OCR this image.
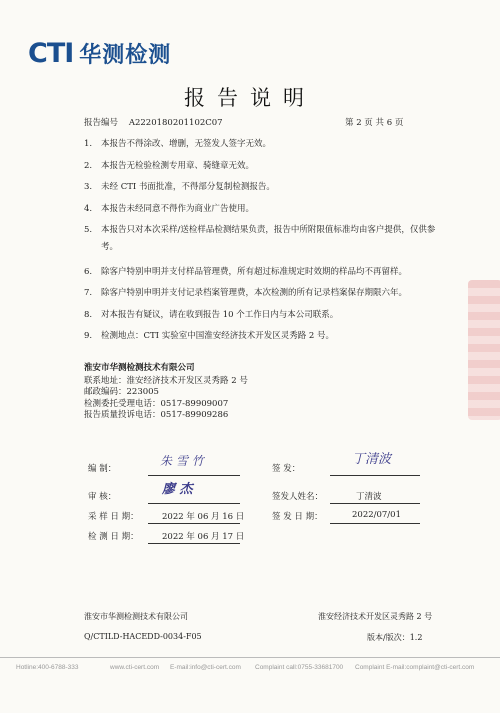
CTI 华测检测
报告说明
报告编号 A2220180201102C07	第 2 页 共 6 页
1. 本报告不得涂改、增删，无签发人签字无效。
2. 本报告无检验检测专用章、骑缝章无效。
3. 未经 CTI 书面批准，不得部分复制检测报告。
4. 本报告未经同意不得作为商业广告使用。
5. 本报告只对本次采样/送检样品检测结果负责，报告中所附限值标准均由客户提供，仅供参考。
6. 除客户特别申明并支付样品管理费，所有超过标准规定时效期的样品均不再留样。
7. 除客户特别申明并支付记录档案管理费，本次检测的所有记录档案保存期限六年。
8. 对本报告有疑议，请在收到报告 10 个工作日内与本公司联系。
9. 检测地点：CTI 实验室中国淮安经济技术开发区灵秀路 2 号。
淮安市华测检测技术有限公司
联系地址：淮安经济技术开发区灵秀路 2 号
邮政编码：223005
检测委托受理电话：0517-89909007
报告质量投诉电话：0517-89909286
编 制：
朱 雪 竹
审 核：	廖 杰
采 样 日 期：	2022 年 06 月 16 日
检 测 日 期：	2022 年 06 月 17 日
签 发：
丁清波
签发人姓名：	丁清波
签 发 日 期：	2022/07/01
淮安市华测检测技术有限公司	淮安经济技术开发区灵秀路 2 号
Q/CTILD-HACEDD-0034-F05	版本/版次：1.2
Hotline:400-6788-333	www.cti-cert.com E-mail:info@cti-cert.com Complaint call:0755-33681700 Complaint E-mail:complaint@cti-cert.com
